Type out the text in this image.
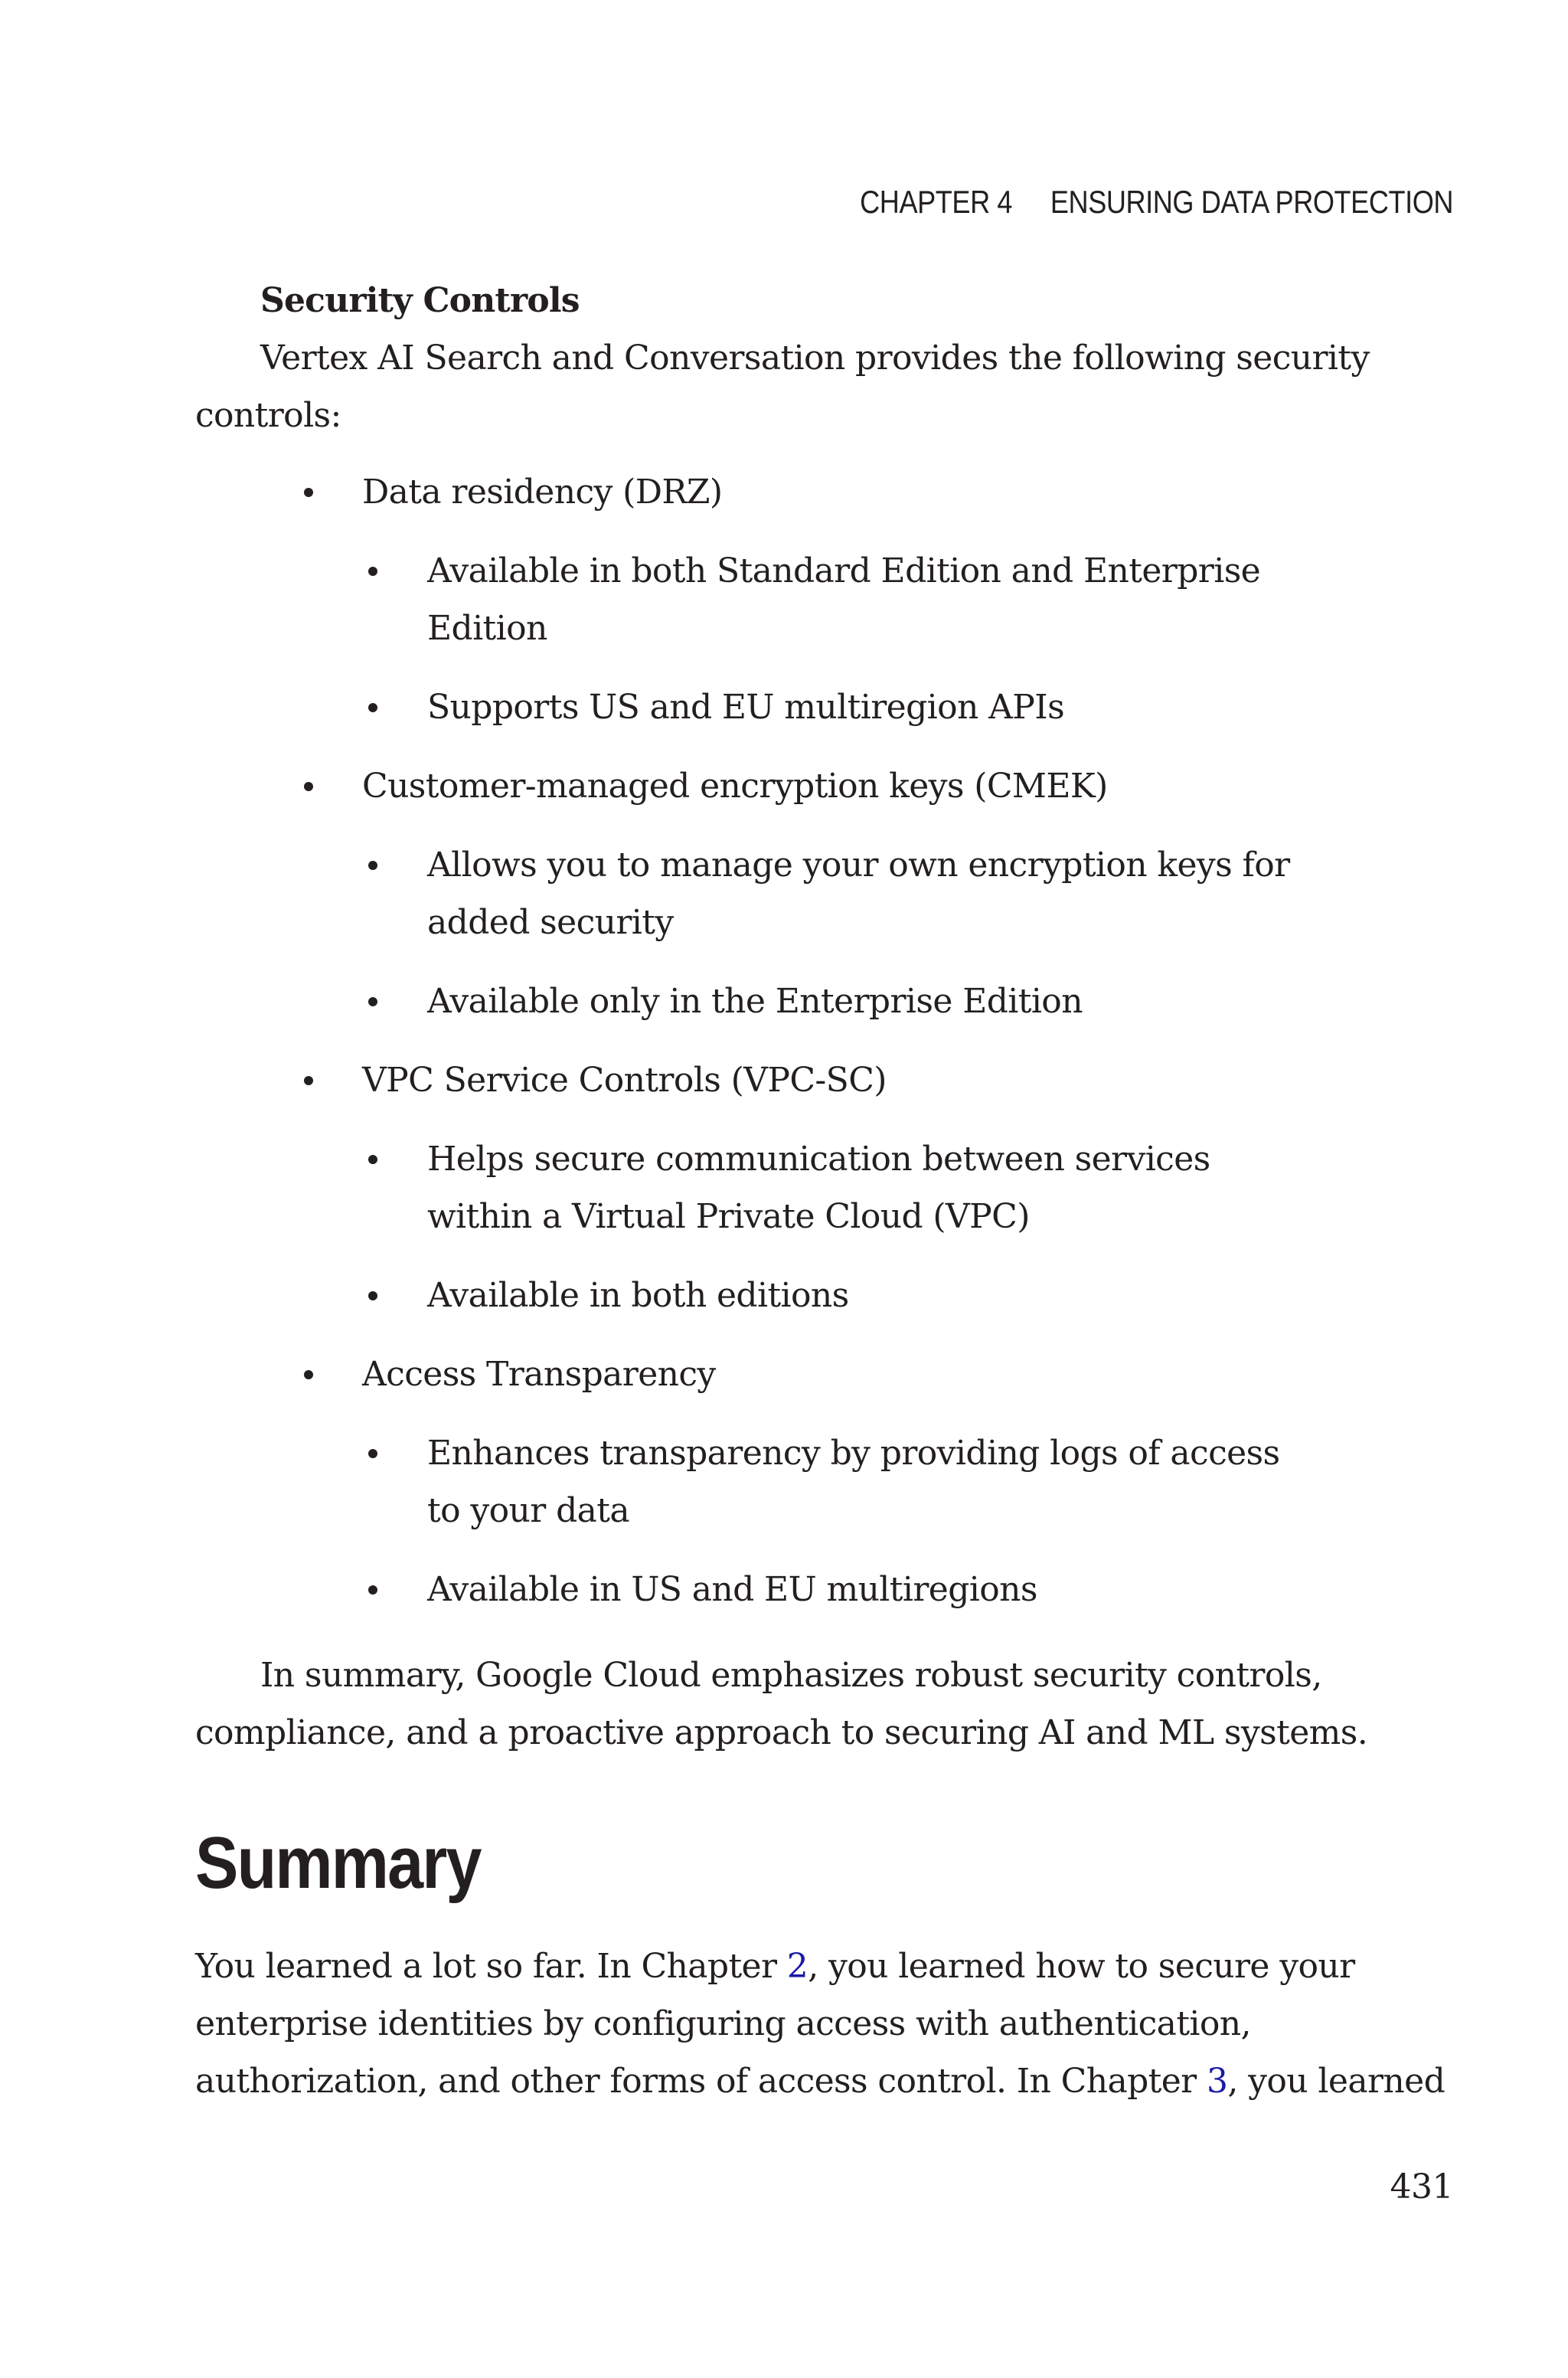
CHAPTER 4 ENSURING DATA PROTECTION
Security Controls
Vertex AI Search and Conversation provides the following security controls:
Data residency (DRZ)
Available in both Standard Edition and Enterprise Edition
Supports US and EU multiregion APIs
Customer-managed encryption keys (CMEK)
Allows you to manage your own encryption keys for added security
Available only in the Enterprise Edition
VPC Service Controls (VPC-SC)
Helps secure communication between services within a Virtual Private Cloud (VPC)
Available in both editions
Access Transparency
Enhances transparency by providing logs of access to your data
Available in US and EU multiregions
In summary, Google Cloud emphasizes robust security controls, compliance, and a proactive approach to securing AI and ML systems.
Summary
You learned a lot so far. In Chapter 2, you learned how to secure your enterprise identities by configuring access with authentication, authorization, and other forms of access control. In Chapter 3, you learned
431
